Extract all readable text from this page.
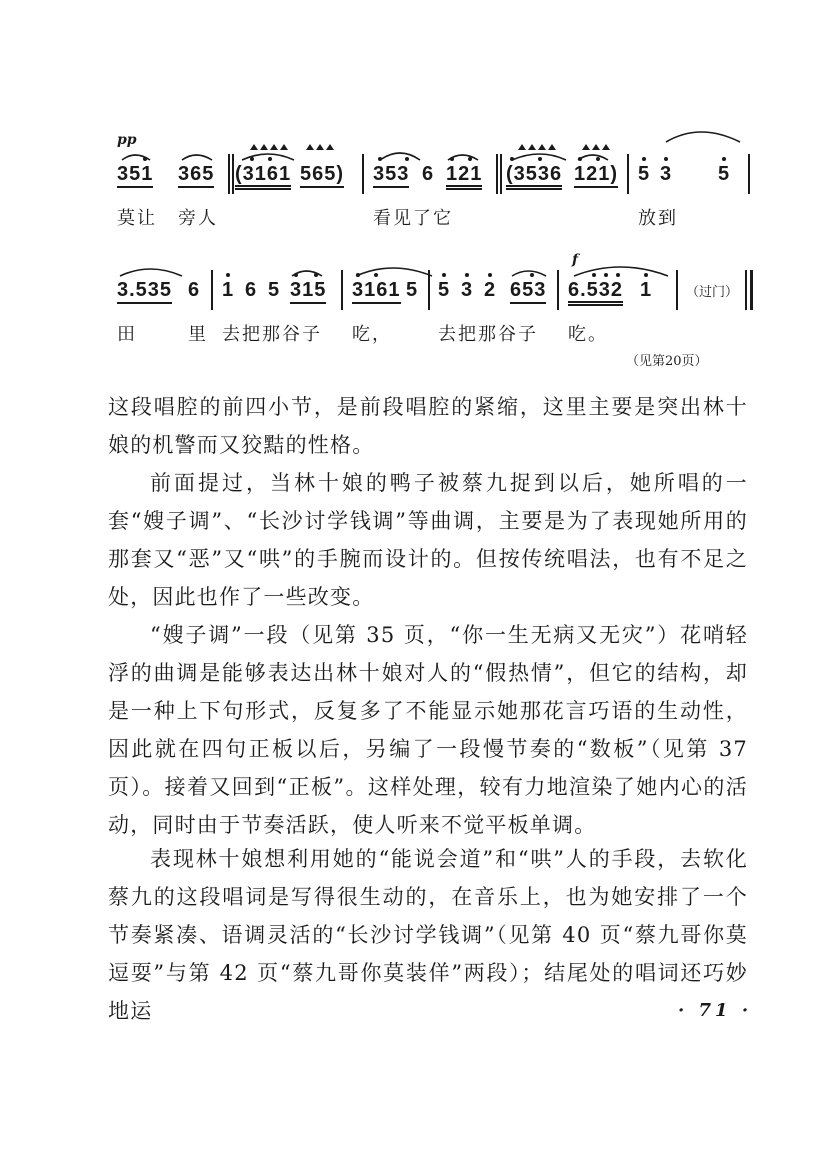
pp
351 365 (3161 565) 353 6 121 (3536 121) 5 3 5
莫让 旁人	看见了它	放到
f
3.535 6 1 6 5 315 3161 5 5 3 2 653 6.532 1	（过门）
田	里 去把那谷子 吃，	去把那谷子 吃。
（见第20页）

这段唱腔的前四小节，是前段唱腔的紧缩，这里主要是突出林十娘的机警而又狡黠的性格。

前面提过，当林十娘的鸭子被蔡九捉到以后，她所唱的一套“嫂子调”、“长沙讨学钱调”等曲调，主要是为了表现她所用的那套又“恶”又“哄”的手腕而设计的。但按传统唱法，也有不足之处，因此也作了一些改变。

“嫂子调”一段（见第 35 页，“你一生无病又无灾”）花哨轻浮的曲调是能够表达出林十娘对人的“假热情”，但它的结构，却是一种上下句形式，反复多了不能显示她那花言巧语的生动性，因此就在四句正板以后，另编了一段慢节奏的“数板”（见第 37 页）。接着又回到“正板”。这样处理，较有力地渲染了她内心的活动，同时由于节奏活跃，使人听来不觉平板单调。

表现林十娘想利用她的“能说会道”和“哄”人的手段，去软化蔡九的这段唱词是写得很生动的，在音乐上，也为她安排了一个节奏紧凑、语调灵活的“长沙讨学钱调”（见第 40 页“蔡九哥你莫逗耍”与第 42 页“蔡九哥你莫装佯”两段）；结尾处的唱词还巧妙地运	· 71 ·
